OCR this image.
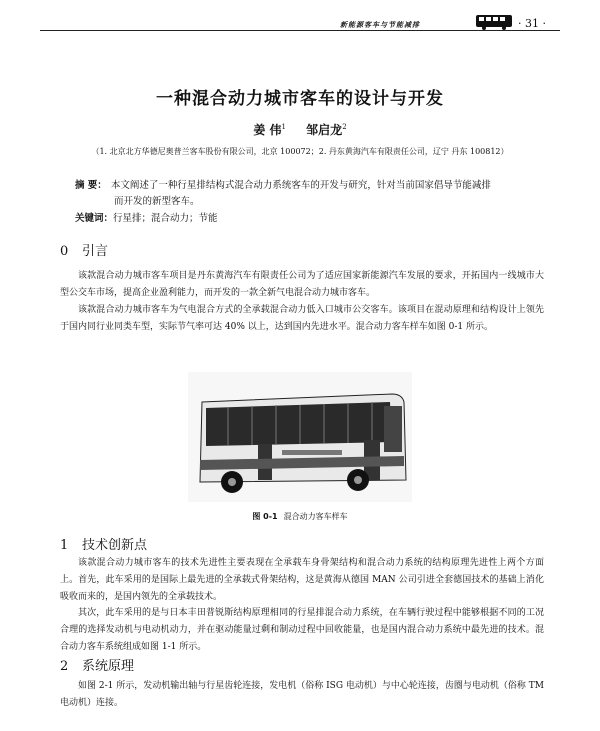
新能源客车与节能减排	· 31 ·
一种混合动力城市客车的设计与开发
姜 伟$^1$ 邹启龙$^2$
（1. 北京北方华德尼奥普兰客车股份有限公司，北京 100072；2. 丹东黄海汽车有限责任公司，辽宁 丹东 100812）
摘 要： 本文阐述了一种行星排结构式混合动力系统客车的开发与研究，针对当前国家倡导节能减排
而开发的新型客车。
关键词：行星排；混合动力；节能
0 引言
该款混合动力城市客车项目是丹东黄海汽车有限责任公司为了适应国家新能源汽车发展的要求，开拓国内一线城市大型公交车市场，提高企业盈利能力，而开发的一款全新气电混合动力城市客车。
该款混合动力城市客车为气电混合方式的全承载混合动力低入口城市公交客车。该项目在混动原理和结构设计上领先于国内同行业同类车型，实际节气率可达 40% 以上，达到国内先进水平。混合动力客车样车如图 0-1 所示。
图 0-1 混合动力客车样车
1 技术创新点
该款混合动力城市客车的技术先进性主要表现在全承载车身骨架结构和混合动力系统的结构原理先进性上两个方面上。首先，此车采用的是国际上最先进的全承载式骨架结构，这是黄海从德国 MAN 公司引进全套德国技术的基础上消化吸收而来的，是国内领先的全承载技术。
其次，此车采用的是与日本丰田普锐斯结构原理相同的行星排混合动力系统，在车辆行驶过程中能够根据不同的工况合理的选择发动机与电动机动力，并在驱动能量过剩和制动过程中回收能量，也是国内混合动力系统中最先进的技术。混合动力客车系统组成如图 1-1 所示。
2 系统原理
如图 2-1 所示，发动机输出轴与行星齿轮连接，发电机（俗称 ISG 电动机）与中心轮连接，齿圈与电动机（俗称 TM 电动机）连接。
